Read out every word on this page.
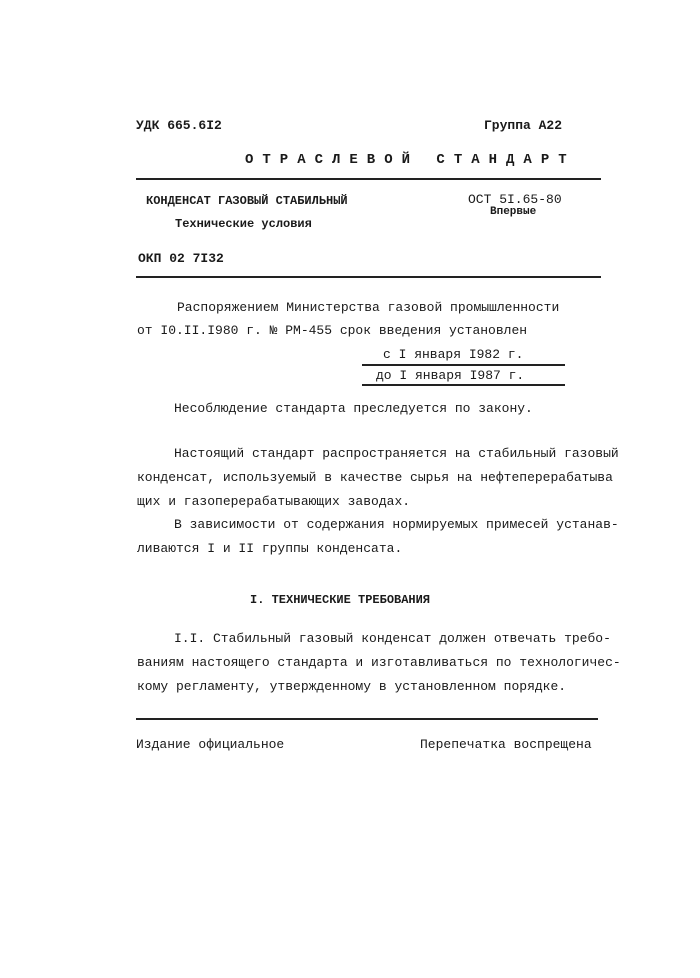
УДК 665.6I2	Группа А22
ОТРАСЛЕВОЙ СТАНДАРТ
КОНДЕНСАТ ГАЗОВЫЙ СТАБИЛЬНЫЙ
Технические условия
ОСТ 5I.65-80
Впервые
ОКП 02 7I32
Распоряжением Министерства газовой промышленности
от I0.II.I980 г. № РМ-455 срок введения установлен
с I января I982 г.
до I января I987 г.
Несоблюдение стандарта преследуется по закону.
Настоящий стандарт распространяется на стабильный газовый
конденсат, используемый в качестве сырья на нефтеперерабатыва
щих и газоперерабатывающих заводах.
В зависимости от содержания нормируемых примесей устанав-
ливаются I и II группы конденсата.
I. ТЕХНИЧЕСКИЕ ТРЕБОВАНИЯ
I.I. Стабильный газовый конденсат должен отвечать требо-
ваниям настоящего стандарта и изготавливаться по технологичес-
кому регламенту, утвержденному в установленном порядке.
Издание официальное	Перепечатка воспрещена
